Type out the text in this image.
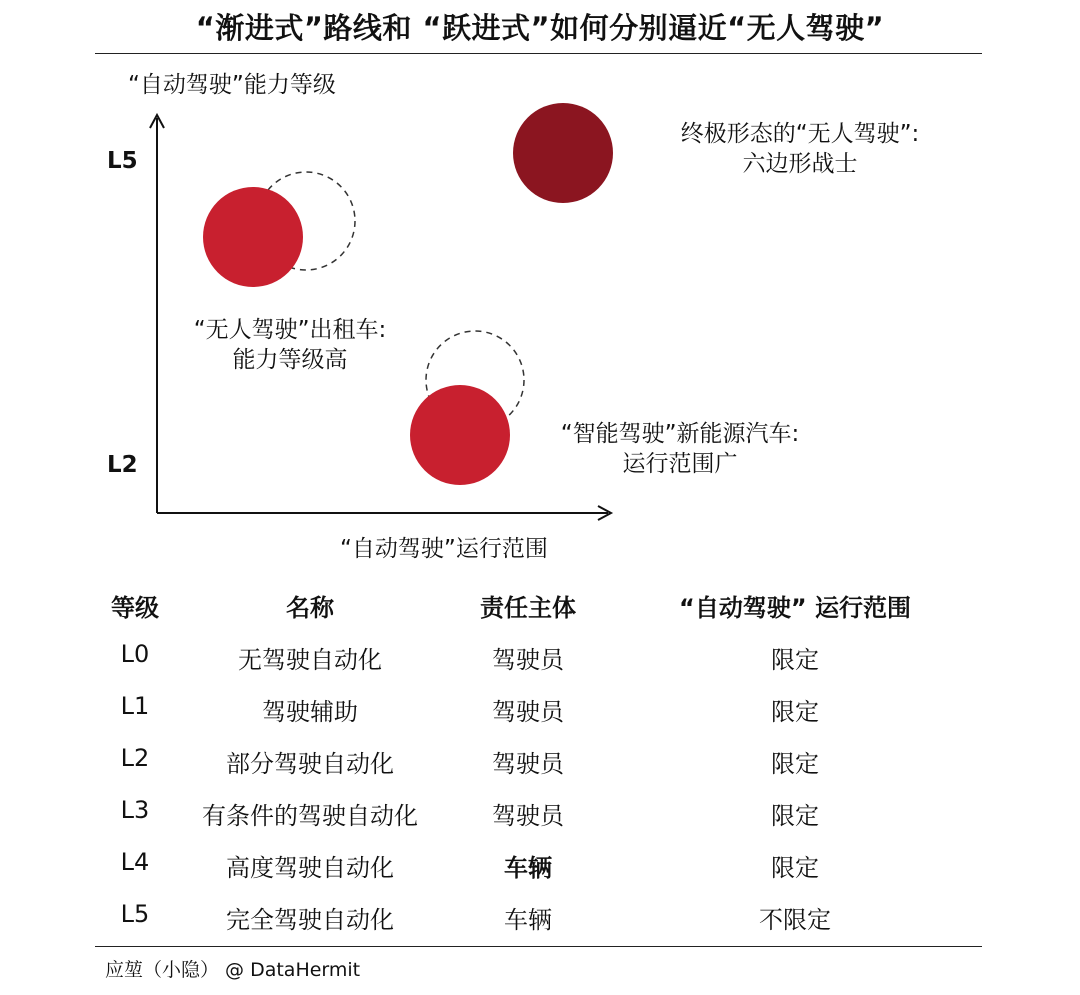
“渐进式”路线和 “跃进式”如何分别逼近“无人驾驶”
“自动驾驶”能力等级
“自动驾驶”运行范围
L5
L2
“无人驾驶”出租车:
能力等级高
“智能驾驶”新能源汽车:
运行范围广
终极形态的“无人驾驶”:
六边形战士
等级	名称	责任主体	“自动驾驶” 运行范围
L0	无驾驶自动化	驾驶员	限定
L1	驾驶辅助	驾驶员	限定
L2	部分驾驶自动化	驾驶员	限定
L3	有条件的驾驶自动化	驾驶员	限定
L4	高度驾驶自动化	车辆	限定
L5	完全驾驶自动化	车辆	不限定
应堃（小隐） @ DataHermit
